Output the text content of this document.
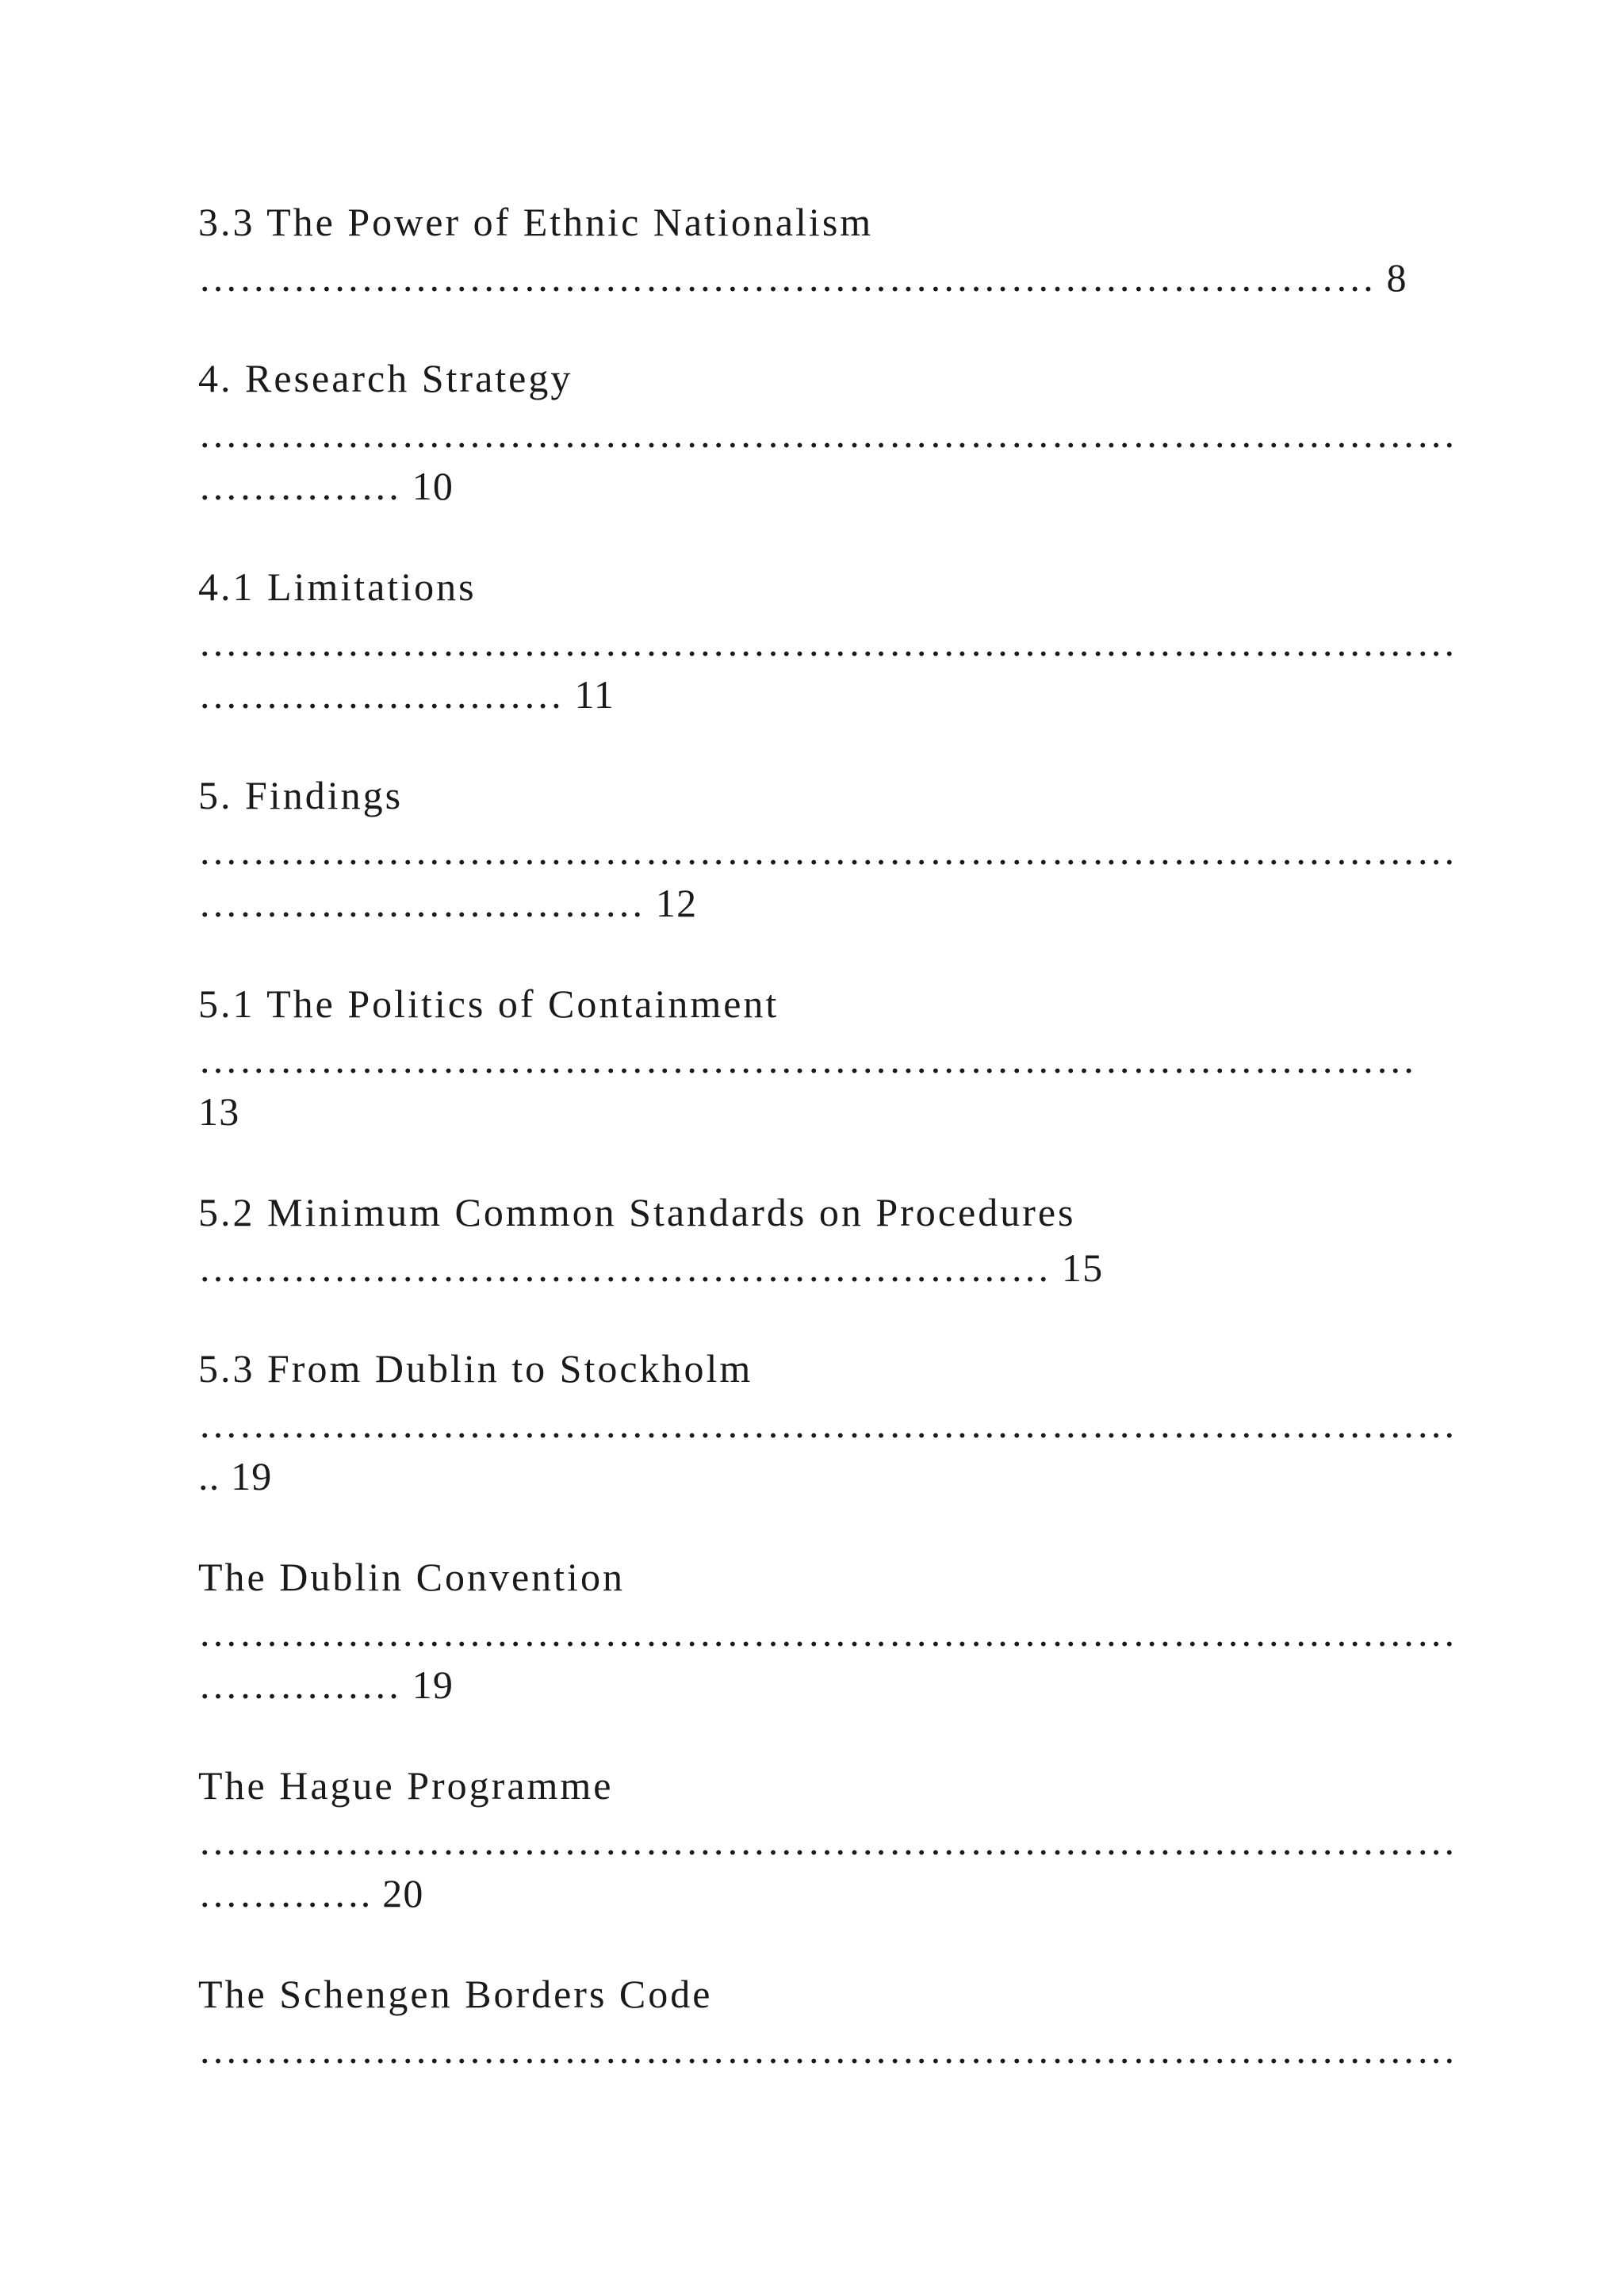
3.3 The Power of Ethnic Nationalism
…………………………………………………………………………… 8
4. Research Strategy
…………………………………………………………………………………
…………… 10
4.1 Limitations
…………………………………………………………………………………
……………………… 11
5. Findings
…………………………………………………………………………………
…………………………… 12
5.1 The Politics of Containment
………………………………………………………………………………
13
5.2 Minimum Common Standards on Procedures
……………………………………………………… 15
5.3 From Dublin to Stockholm
…………………………………………………………………………………
.. 19
The Dublin Convention
…………………………………………………………………………………
…………… 19
The Hague Programme
…………………………………………………………………………………
…………. 20
The Schengen Borders Code
…………………………………………………………………………………
